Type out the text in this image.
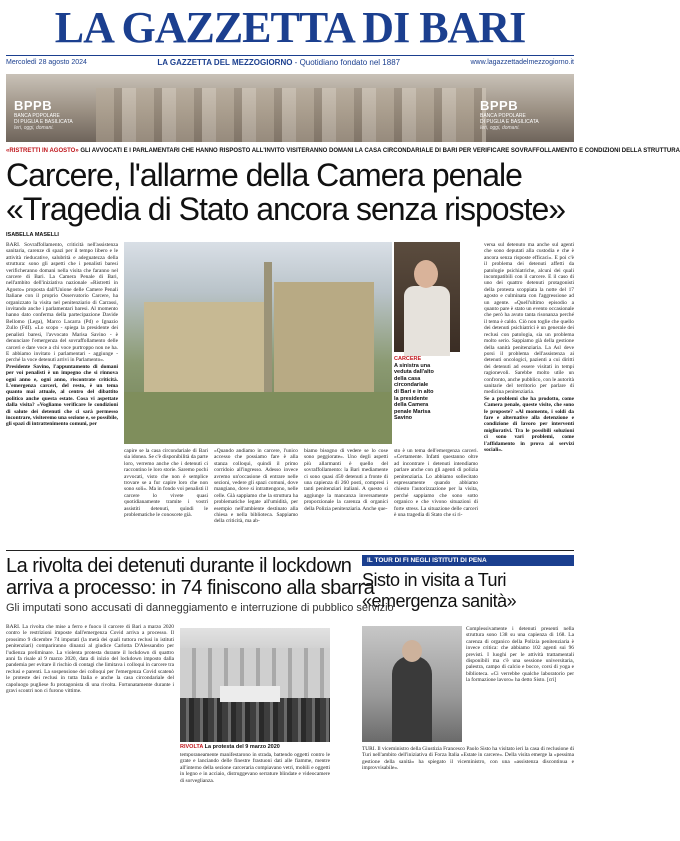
LA GAZZETTA DI BARI
Mercoledì 28 agosto 2024	LA GAZZETTA DEL MEZZOGIORNO - Quotidiano fondato nel 1887	www.lagazzettadelmezzogiorno.it
BPPB
BANCA POPOLARE
DI PUGLIA E BASILICATA
Ieri, oggi, domani.
BPPB
BANCA POPOLARE
DI PUGLIA E BASILICATA
Ieri, oggi, domani.
«RISTRETTI IN AGOSTO» GLI AVVOCATI E I PARLAMENTARI CHE HANNO RISPOSTO ALL'INVITO VISITERANNO DOMANI LA CASA CIRCONDARIALE DI BARI PER VERIFICARE SOVRAFFOLLAMENTO E CONDIZIONI DELLA STRUTTURA
Carcere, l'allarme della Camera penale
«Tragedia di Stato ancora senza risposte»
ISABELLA MASELLI

BARI. Sovraffollamento, criticità nell'assistenza sanitaria, carenze di spazi per il tempo libero e le attività rieducative, salubrità e adeguatezza della struttura: sono gli aspetti che i penalisti baresi verificheranno domani nella visita che faranno nel carcere di Bari. La Camera Penale di Bari, nell'ambito dell'iniziativa nazionale «Ristretti in Agosto» proposta dall'Unione delle Camere Penali Italiane con il proprio Osservatorio Carcere, ha organizzato la visita nel penitenziario di Carrassi, invitando anche i parlamentari baresi. Al momento hanno dato conferma della partecipazione Davide Bellomo (Lega), Marco Lacarra (Pd) e Ignazio Zullo (FdI). «Lo scopo - spiega la presidente dei penalisti baresi, l'avvocato Marisa Savino - è denunciare l'emergenza del sovraffollamento delle carceri e dare voce a chi voce purtroppo non ne ha. E abbiamo invitato i parlamentari - aggiunge - perché la voce detenuti arrivi in Parlamento».

Presidente Savino, l'appuntamento di domani per voi penalisti è un impegno che si rinnova ogni anno e, ogni anno, riscontrate criticità. L'emergenza carceri, del resto, è un tema quanto mai attuale, al centro del dibattito politico anche questa estate. Cosa vi aspettate dalla visita? «Vogliamo verificare le condizioni di salute dei detenuti che ci sarà permesso incontrare, visiteremo una sezione e, se possibile, gli spazi di intrattenimento comuni, per

capire se la casa circondariale di Bari sia idonea. Se c'è disponibilità da parte loro, verremo anche che i detenuti ci raccontino le loro storie. Saremo pochi avvocati, visto che non è semplice trovare se a fur capire loro che non sono soli». Ma in fondo voi penalisti il carcere lo vivete quasi quotidianamente tramite i vostri assistiti detenuti, quindi le problematiche le conoscete già.
«Quando andiamo in carcere, l'unico accesso che possiamo fare è alla stanza colloqui, quindi il primo corridoio all'ingresso. Adesso invece avremo un'occasione di entrare nelle sezioni, vedere gli spazi comuni, dove mangiano, dove si intrattengono, nelle celle. Già sappiamo che la struttura ha problematiche legate all'umidità, per esempio nell'ambiente destinato alla chiesa e nella biblioteca. Sappiamo della criticità, ma ab-
biamo bisogno di vedere se lo cose sono peggiorate». Uno degli aspetti più allarmanti è quello del sovraffollamento: la Bari mediamente ci sono quasi 450 detenuti a fronte di una capienza di 260 posti, compresi i tanti penitenziari italiani. A questo si aggiunge la mancanza inversamente proporzionale la carenza di organici della Polizia penitenziaria. Anche que-
CARCERE
A sinistra una veduta dall'alto della casa circondariale di Bari e in alto la presidente della Camera penale Marisa Savino
sto è un tema dell'emergenza carceri. «Certamente. Infatti questanno oltre ad incontrare i detenuti intendiamo parlare anche con gli agenti di polizia penitenziaria. Lo abbiamo sollecitato espressamente quando abbiamo chiesto l'autorizzazione per la visita, perché sappiamo che sono sotto organico e che vivono situazioni di forte stress. La situazione delle carceri è una tragedia di Stato che si ri-

versa sul detenuto ma anche sul agenti che sono deputati alla custodia e che è ancora senza risposte efficaci». E poi c'è il problema dei detenuti affetti da patologie psichiatriche, alcuni dei quali incompatibili con il carcere. E il caso di uno dei quattro detenuti protagonisti della protesta scoppiata la notte del 17 agosto e culminata con l'aggressione ad un agente. «Quell'ultimo episodio a quanto pare è stato un evento occasionale che però ha avuto tanta risonanza perché il tema è caldo. Ciò non toglie che quello dei detenuti psichiatrici è un generale dei reclusi con patologia, sia un problema molto serio. Sappiamo già della gestione della sanità penitenziaria. La Asl deve porsi il problema dell'assistenza ai detenuti oncologici, pazienti a cui diritti dei detenuti ad essere visitati in tempi ragionevoli. Sarebbe molto utile un confronto, anche pubblico, con le autorità sanitarie del territorio per parlare di medicina penitenziaria.

Se a problemi che ha prodotto, come Camera penale, queste visite, che sono le proposte? «Al momento, i soldi da fare e alternative alla detenzione e condizione di lavoro per interventi migliorativi. Tra le possibili soluzioni ci sono vari problemi, come l'affidamento in prova ai servizi sociali».

La rivolta dei detenuti durante il lockdown
arriva a processo: in 74 finiscono alla sbarra
Gli imputati sono accusati di danneggiamento e interruzione di pubblico servizio
BARI. La rivolta che mise a ferro e fuoco il carcere di Bari a marzo 2020 contro le restrizioni imposte dall'emergenza Covid arriva a processo. Il prossimo 9 dicembre 74 imputati (la metà dei quali tuttora reclusi in istituti penitenziari) compariranno dinanzi al giudice Carlotta D'Alessandro per l'udienza preliminare. La violenta protesta durante il lockdown di quattro anni fa risale al 9 marzo 2020, data di inizio del lockdown imposto dalla pandemia per evitare il rischio di contagi che limitava i colloqui in carcere tra reclusi e parenti. La sospensione dei colloqui per l'emergenza Covid scatenò le proteste dei reclusi in tutta Italia e anche la casa circondariale del capoluogo pugliese fu protagonista di una rivolta. Fortunatamente durante i gravi scontri non ci furono vittime.
RIVOLTA La protesta del 9 marzo 2020
temporaneamente manifestarono in strada, battendo oggetti contro le grate e lanciando delle finestre frastuoni dati alle fiamme, mentre all'interno della sezione carceraria compiavano vetri, mobili e oggetti in legno e in acciaio, distruggevano serrature blindate e videocamere di sorveglianza.
IL TOUR DI FI NEGLI ISTITUTI DI PENA
Sisto in visita a Turi
«emergenza sanità»
Complessivamente i detenuti presenti nella struttura sono 138 su una capienza di 168. La carenza di organico della Polizia penitenziaria è invece critica: che abbiamo 102 agenti sui 96 previsti. I luoghi per le attività trattamentali disponibili ma c'è una sessione universitaria, palestra, campo di calcio e bocce, corsi di yoga e biblioteca. «Ci verrebbe qualche laboratorio per la formazione lavoro» ha detto Sisto. [cri]
TURI. Il viceministro della Giustizia Francesco Paolo Sisto ha visitato ieri la casa di reclusione di Turi nell'ambito dell'iniziativa di Forza Italia «Estate in carcere». Della visita emerge la «pessima gestione della sanità» ha spiegato il viceministro, con una «assistenza discontinua e improvvisabile».
